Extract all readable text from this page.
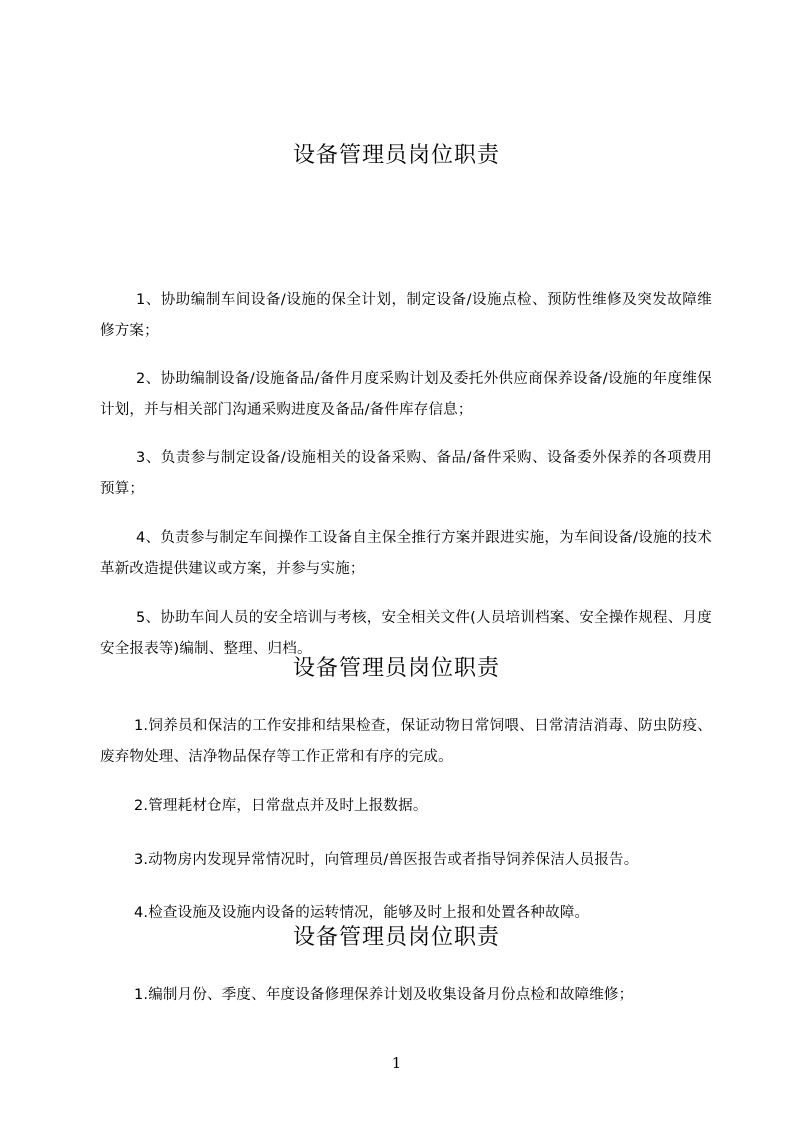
设备管理员岗位职责

1、协助编制车间设备/设施的保全计划，制定设备/设施点检、预防性维修及突发故障维修方案；

2、协助编制设备/设施备品/备件月度采购计划及委托外供应商保养设备/设施的年度维保计划，并与相关部门沟通采购进度及备品/备件库存信息；

3、负责参与制定设备/设施相关的设备采购、备品/备件采购、设备委外保养的各项费用预算；

4、负责参与制定车间操作工设备自主保全推行方案并跟进实施，为车间设备/设施的技术革新改造提供建议或方案，并参与实施；

5、协助车间人员的安全培训与考核，安全相关文件(人员培训档案、安全操作规程、月度安全报表等)编制、整理、归档。

设备管理员岗位职责

1.饲养员和保洁的工作安排和结果检查，保证动物日常饲喂、日常清洁消毒、防虫防疫、废弃物处理、洁净物品保存等工作正常和有序的完成。

2.管理耗材仓库，日常盘点并及时上报数据。

3.动物房内发现异常情况时，向管理员/兽医报告或者指导饲养保洁人员报告。

4.检查设施及设施内设备的运转情况，能够及时上报和处置各种故障。

设备管理员岗位职责

1.编制月份、季度、年度设备修理保养计划及收集设备月份点检和故障维修；

1
